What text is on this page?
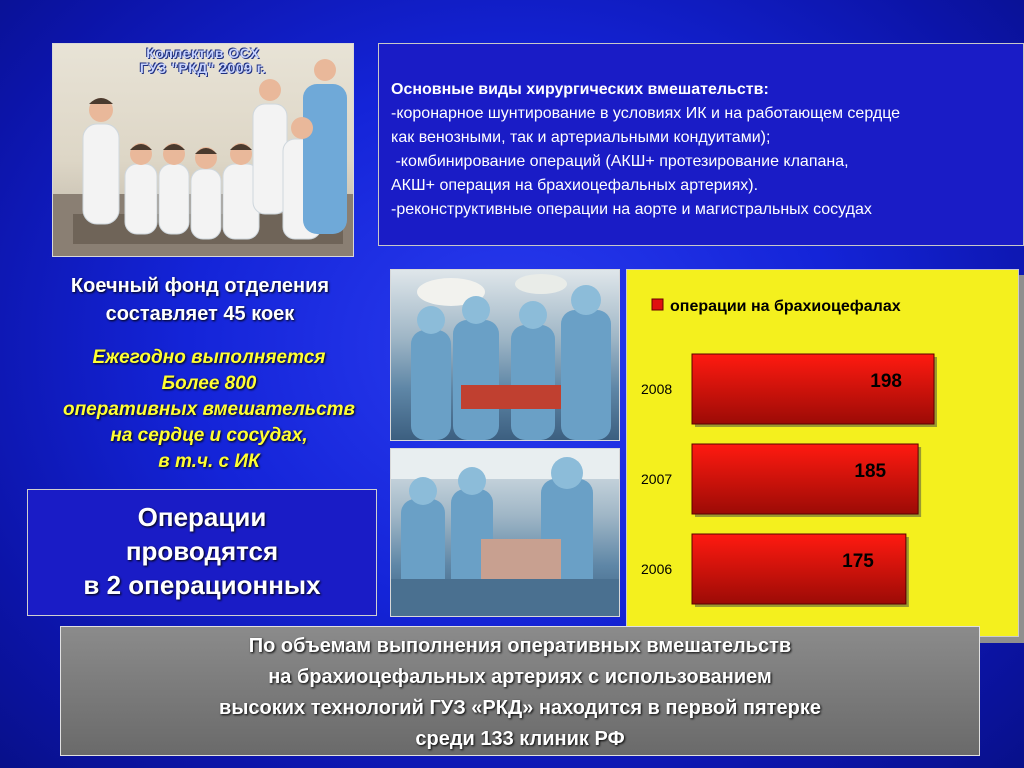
Коллектив ОСХ
ГУЗ "РКД" 2009 г.
Основные виды хирургических вмешательств:
-коронарное шунтирование в условиях ИК и на работающем сердце
как венозными, так и артериальными кондуитами);
-комбинирование операций (АКШ+ протезирование клапана,
АКШ+ операция на брахиоцефальных артериях).
-реконструктивные операции на аорте и магистральных сосудах
Коечный фонд отделения
составляет 45 коек
Ежегодно выполняется
Более 800
оперативных вмешательств
на сердце и сосудах,
в т.ч. с ИК
Операции
проводятся
в 2 операционных
операции на брахиоцефалах
2008	198
2007	185
2006	175
По объемам выполнения оперативных вмешательств
на брахиоцефальных артериях с использованием
высоких технологий ГУЗ «РКД» находится в первой пятерке
среди 133 клиник РФ
